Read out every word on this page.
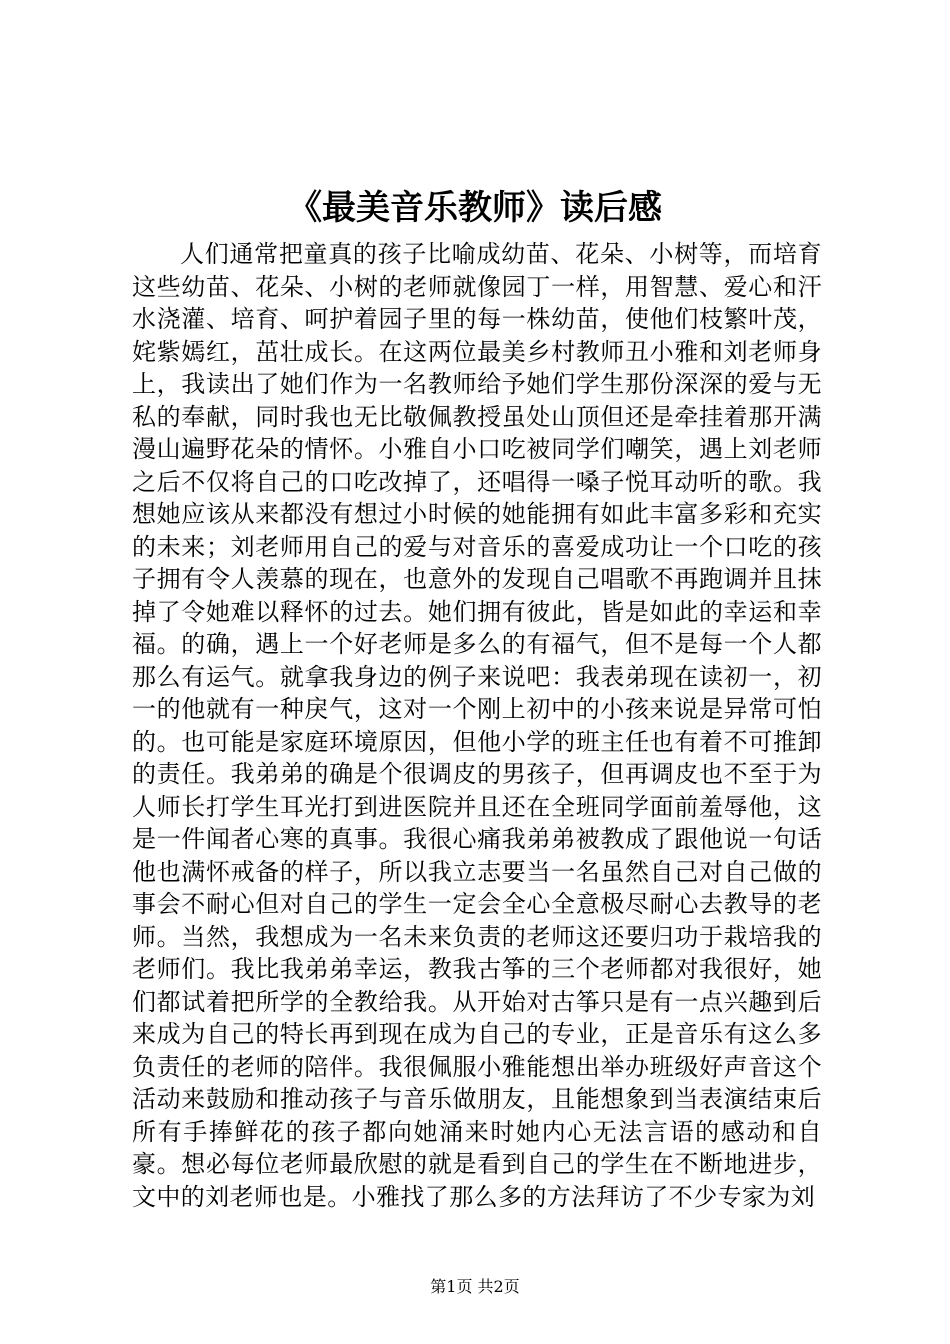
《最美音乐教师》读后感

人们通常把童真的孩子比喻成幼苗、花朵、小树等，而培育这些幼苗、花朵、小树的老师就像园丁一样，用智慧、爱心和汗水浇灌、培育、呵护着园子里的每一株幼苗，使他们枝繁叶茂，姹紫嫣红，茁壮成长。在这两位最美乡村教师丑小雅和刘老师身上，我读出了她们作为一名教师给予她们学生那份深深的爱与无私的奉献，同时我也无比敬佩教授虽处山顶但还是牵挂着那开满漫山遍野花朵的情怀。小雅自小口吃被同学们嘲笑，遇上刘老师之后不仅将自己的口吃改掉了，还唱得一嗓子悦耳动听的歌。我想她应该从来都没有想过小时候的她能拥有如此丰富多彩和充实的未来；刘老师用自己的爱与对音乐的喜爱成功让一个口吃的孩子拥有令人羡慕的现在，也意外的发现自己唱歌不再跑调并且抹掉了令她难以释怀的过去。她们拥有彼此，皆是如此的幸运和幸福。的确，遇上一个好老师是多么的有福气，但不是每一个人都那么有运气。就拿我身边的例子来说吧：我表弟现在读初一，初一的他就有一种戾气，这对一个刚上初中的小孩来说是异常可怕的。也可能是家庭环境原因，但他小学的班主任也有着不可推卸的责任。我弟弟的确是个很调皮的男孩子，但再调皮也不至于为人师长打学生耳光打到进医院并且还在全班同学面前羞辱他，这是一件闻者心寒的真事。我很心痛我弟弟被教成了跟他说一句话他也满怀戒备的样子，所以我立志要当一名虽然自己对自己做的事会不耐心但对自己的学生一定会全心全意极尽耐心去教导的老师。当然，我想成为一名未来负责的老师这还要归功于栽培我的老师们。我比我弟弟幸运，教我古筝的三个老师都对我很好，她们都试着把所学的全教给我。从开始对古筝只是有一点兴趣到后来成为自己的特长再到现在成为自己的专业，正是音乐有这么多负责任的老师的陪伴。我很佩服小雅能想出举办班级好声音这个活动来鼓励和推动孩子与音乐做朋友，且能想象到当表演结束后所有手捧鲜花的孩子都向她涌来时她内心无法言语的感动和自豪。想必每位老师最欣慰的就是看到自己的学生在不断地进步，文中的刘老师也是。小雅找了那么多的方法拜访了不少专家为刘

第1页 共2页
